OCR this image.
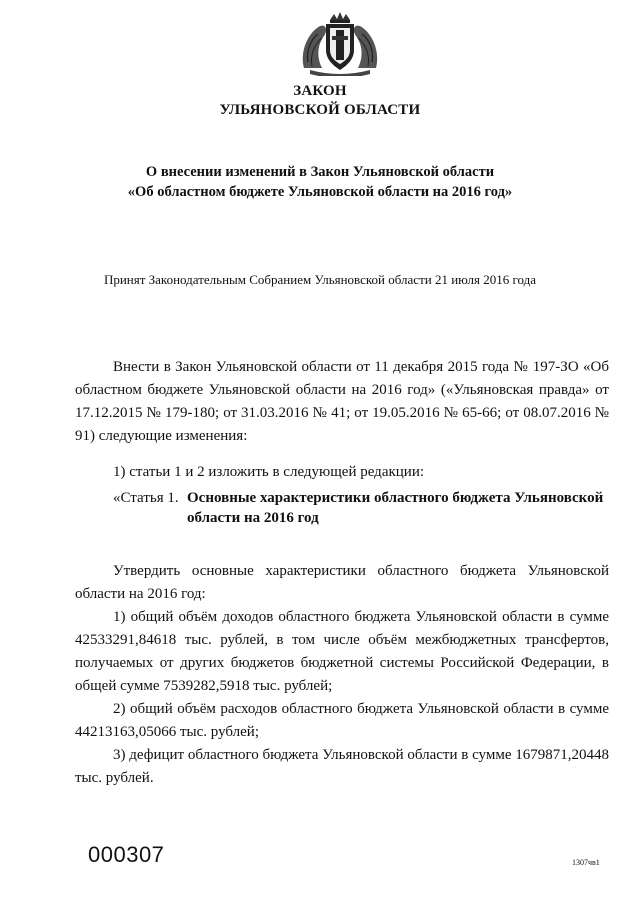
ЗАКОН
УЛЬЯНОВСКОЙ ОБЛАСТИ
О внесении изменений в Закон Ульяновской области
«Об областном бюджете Ульяновской области на 2016 год»
Принят Законодательным Собранием Ульяновской области 21 июля 2016 года

Внести в Закон Ульяновской области от 11 декабря 2015 года № 197-ЗО «Об областном бюджете Ульяновской области на 2016 год» («Ульяновская правда» от 17.12.2015 № 179-180; от 31.03.2016 № 41; от 19.05.2016 № 65-66; от 08.07.2016 № 91) следующие изменения:

1) статьи 1 и 2 изложить в следующей редакции:

«Статья 1. Основные характеристики областного бюджета Ульяновской области на 2016 год

Утвердить основные характеристики областного бюджета Ульяновской области на 2016 год:

1) общий объём доходов областного бюджета Ульяновской области в сумме 42533291,84618 тыс. рублей, в том числе объём межбюджетных трансфертов, получаемых от других бюджетов бюджетной системы Российской Федерации, в общей сумме 7539282,5918 тыс. рублей;

2) общий объём расходов областного бюджета Ульяновской области в сумме 44213163,05066 тыс. рублей;

3) дефицит областного бюджета Ульяновской области в сумме 1679871,20448 тыс. рублей.

000307	1307чв1
